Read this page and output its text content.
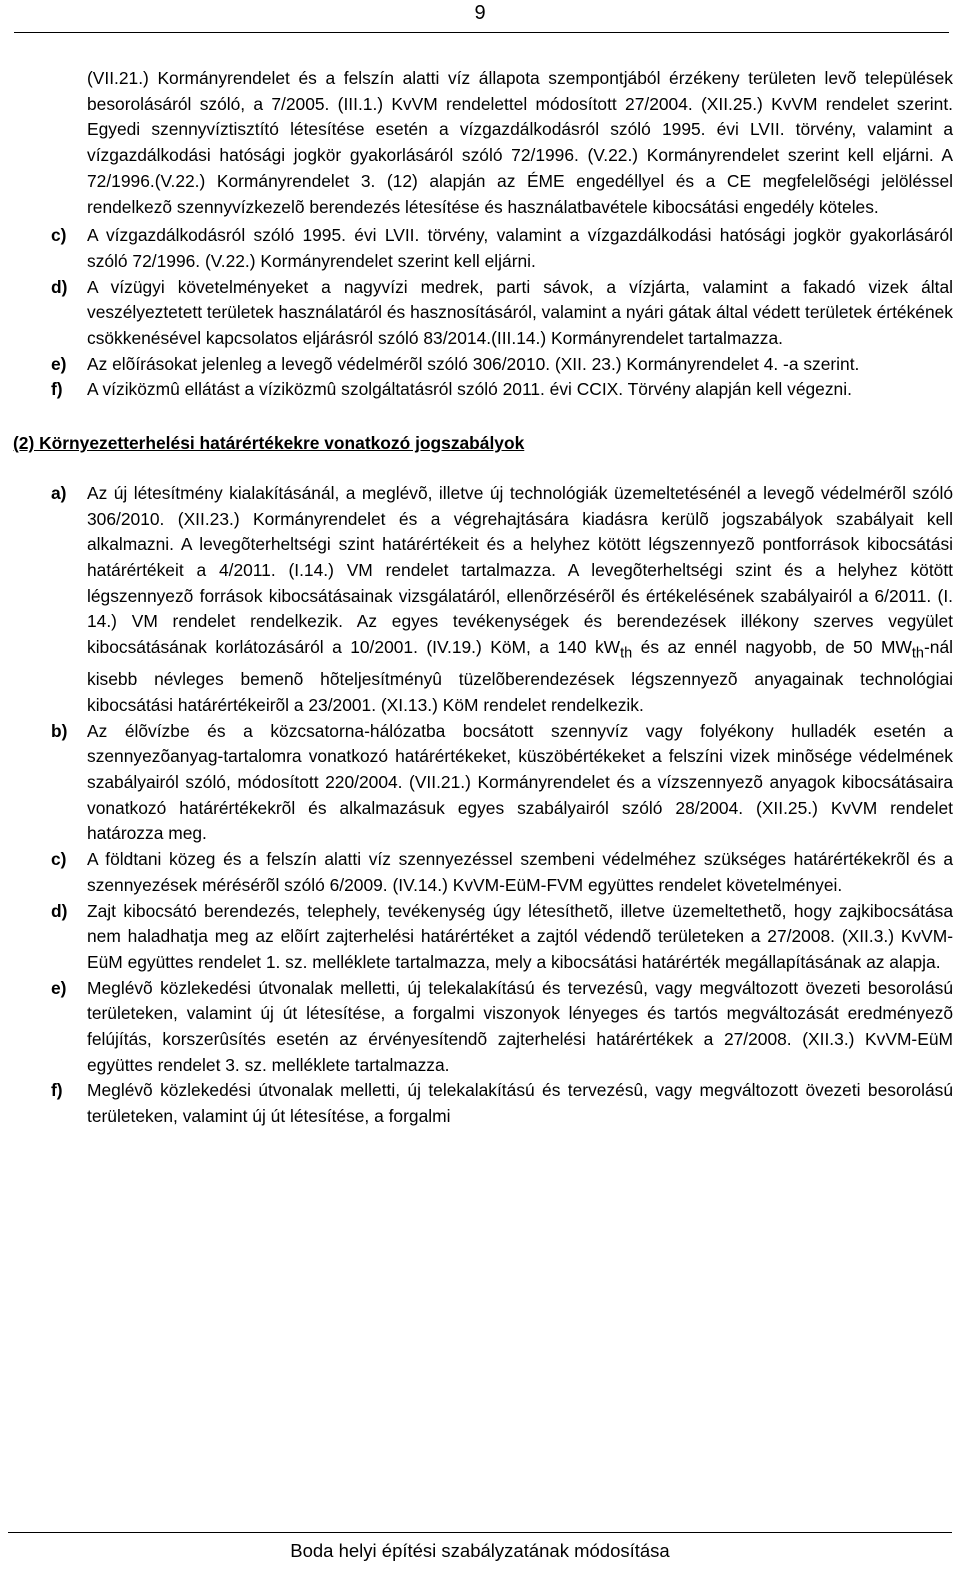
9
(VII.21.) Kormányrendelet és a felszín alatti víz állapota szempontjából érzékeny területen levõ települések besorolásáról szóló, a 7/2005. (III.1.) KvVM rendelettel módosított 27/2004. (XII.25.) KvVM rendelet szerint. Egyedi szennyvíztisztító létesítése esetén a vízgazdálkodásról szóló 1995. évi LVII. törvény, valamint a vízgazdálkodási hatósági jogkör gyakorlásáról szóló 72/1996. (V.22.) Kormányrendelet szerint kell eljárni. A 72/1996.(V.22.) Kormányrendelet 3. (12) alapján az ÉME engedéllyel és a CE megfelelõségi jelöléssel rendelkezõ szennyvízkezelõ berendezés létesítése és használatbavétele kibocsátási engedély köteles.
c) A vízgazdálkodásról szóló 1995. évi LVII. törvény, valamint a vízgazdálkodási hatósági jogkör gyakorlásáról szóló 72/1996. (V.22.) Kormányrendelet szerint kell eljárni.
d) A vízügyi követelményeket a nagyvízi medrek, parti sávok, a vízjárta, valamint a fakadó vizek által veszélyeztetett területek használatáról és hasznosításáról, valamint a nyári gátak által védett területek értékének csökkenésével kapcsolatos eljárásról szóló 83/2014.(III.14.) Kormányrendelet tartalmazza.
e) Az elõírásokat jelenleg a levegõ védelmérõl szóló 306/2010. (XII. 23.) Kormányrendelet 4. -a szerint.
f) A víziközmû ellátást a víziközmû szolgáltatásról szóló 2011. évi CCIX. Törvény alapján kell végezni.
(2) Környezetterhelési határértékekre vonatkozó jogszabályok
a) Az új létesítmény kialakításánál, a meglévõ, illetve új technológiák üzemeltetésénél a levegõ védelmérõl szóló 306/2010. (XII.23.) Kormányrendelet és a végrehajtására kiadásra kerülõ jogszabályok szabályait kell alkalmazni. A levegõterheltségi szint határértékeit és a helyhez kötött légszennyezõ pontforrások kibocsátási határértékeit a 4/2011. (I.14.) VM rendelet tartalmazza. A levegõterheltségi szint és a helyhez kötött légszennyezõ források kibocsátásainak vizsgálatáról, ellenõrzésérõl és értékelésének szabályairól a 6/2011. (I. 14.) VM rendelet rendelkezik. Az egyes tevékenységek és berendezések illékony szerves vegyület kibocsátásának korlátozásáról a 10/2001. (IV.19.) KöM, a 140 $kW_{th}$ és az ennél nagyobb, de 50 $MW_{th}$-nál kisebb névleges bemenõ hõteljesítményû tüzelõberendezések légszennyezõ anyagainak technológiai kibocsátási határértékeirõl a 23/2001. (XI.13.) KöM rendelet rendelkezik.
b) Az élõvízbe és a közcsatorna-hálózatba bocsátott szennyvíz vagy folyékony hulladék esetén a szennyezõanyag-tartalomra vonatkozó határértékeket, küszöbértékeket a felszíni vizek minõsége védelmének szabályairól szóló, módosított 220/2004. (VII.21.) Kormányrendelet és a vízszennyezõ anyagok kibocsátásaira vonatkozó határértékekrõl és alkalmazásuk egyes szabályairól szóló 28/2004. (XII.25.) KvVM rendelet határozza meg.
c) A földtani közeg és a felszín alatti víz szennyezéssel szembeni védelméhez szükséges határértékekrõl és a szennyezések mérésérõl szóló 6/2009. (IV.14.) KvVM-EüM-FVM együttes rendelet követelményei.
d) Zajt kibocsátó berendezés, telephely, tevékenység úgy létesíthetõ, illetve üzemeltethetõ, hogy zajkibocsátása nem haladhatja meg az elõírt zajterhelési határértéket a zajtól védendõ területeken a 27/2008. (XII.3.) KvVM-EüM együttes rendelet 1. sz. melléklete tartalmazza, mely a kibocsátási határérték megállapításának az alapja.
e) Meglévõ közlekedési útvonalak melletti, új telekalakítású és tervezésû, vagy megváltozott övezeti besorolású területeken, valamint új út létesítése, a forgalmi viszonyok lényeges és tartós megváltozását eredményezõ felújítás, korszerûsítés esetén az érvényesítendõ zajterhelési határértékek a 27/2008. (XII.3.) KvVM-EüM együttes rendelet 3. sz. melléklete tartalmazza.
f) Meglévõ közlekedési útvonalak melletti, új telekalakítású és tervezésû, vagy megváltozott övezeti besorolású területeken, valamint új út létesítése, a forgalmi
Boda helyi építési szabályzatának módosítása
